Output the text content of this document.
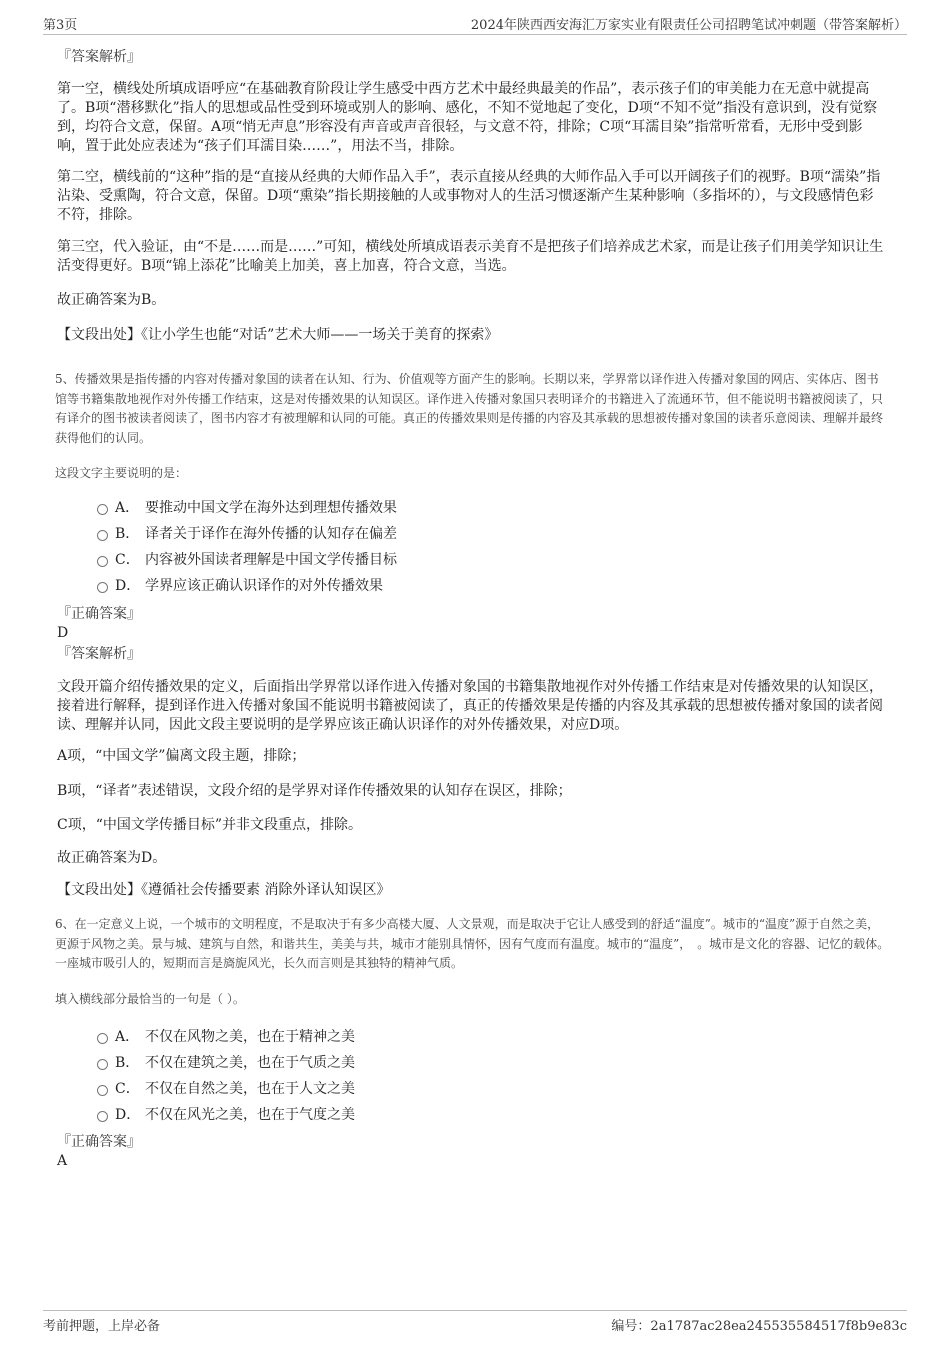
第3页	2024年陕西西安海汇万家实业有限责任公司招聘笔试冲刺题（带答案解析）
『答案解析』
第一空，横线处所填成语呼应“在基础教育阶段让学生感受中西方艺术中最经典最美的作品”，表示孩子们的审美能力在无意中就提高了。B项“潜移默化”指人的思想或品性受到环境或别人的影响、感化，不知不觉地起了变化，D项“不知不觉”指没有意识到，没有觉察到，均符合文意，保留。A项“悄无声息”形容没有声音或声音很轻，与文意不符，排除；C项“耳濡目染”指常听常看，无形中受到影响，置于此处应表述为“孩子们耳濡目染……”，用法不当，排除。
第二空，横线前的“这种”指的是“直接从经典的大师作品入手”，表示直接从经典的大师作品入手可以开阔孩子们的视野。B项“濡染”指沾染、受熏陶，符合文意，保留。D项“熏染”指长期接触的人或事物对人的生活习惯逐渐产生某种影响（多指坏的），与文段感情色彩不符，排除。
第三空，代入验证，由“不是……而是……”可知，横线处所填成语表示美育不是把孩子们培养成艺术家，而是让孩子们用美学知识让生活变得更好。B项“锦上添花”比喻美上加美，喜上加喜，符合文意，当选。
故正确答案为B。
【文段出处】《让小学生也能“对话”艺术大师——一场关于美育的探索》
5、传播效果是指传播的内容对传播对象国的读者在认知、行为、价值观等方面产生的影响。长期以来，学界常以译作进入传播对象国的网店、实体店、图书馆等书籍集散地视作对外传播工作结束，这是对传播效果的认知误区。译作进入传播对象国只表明译介的书籍进入了流通环节，但不能说明书籍被阅读了，只有译介的图书被读者阅读了，图书内容才有被理解和认同的可能。真正的传播效果则是传播的内容及其承载的思想被传播对象国的读者乐意阅读、理解并最终获得他们的认同。
这段文字主要说明的是：
A． 要推动中国文学在海外达到理想传播效果
B． 译者关于译作在海外传播的认知存在偏差
C． 内容被外国读者理解是中国文学传播目标
D． 学界应该正确认识译作的对外传播效果
『正确答案』
D
『答案解析』
文段开篇介绍传播效果的定义，后面指出学界常以译作进入传播对象国的书籍集散地视作对外传播工作结束是对传播效果的认知误区，接着进行解释，提到译作进入传播对象国不能说明书籍被阅读了，真正的传播效果是传播的内容及其承载的思想被传播对象国的读者阅读、理解并认同，因此文段主要说明的是学界应该正确认识译作的对外传播效果，对应D项。
A项，“中国文学”偏离文段主题，排除；
B项，“译者”表述错误，文段介绍的是学界对译作传播效果的认知存在误区，排除；
C项，“中国文学传播目标”并非文段重点，排除。
故正确答案为D。
【文段出处】《遵循社会传播要素 消除外译认知误区》
6、在一定意义上说，一个城市的文明程度，不是取决于有多少高楼大厦、人文景观，而是取决于它让人感受到的舒适“温度”。城市的“温度”源于自然之美，更源于风物之美。景与城、建筑与自然，和谐共生，美美与共，城市才能别具情怀，因有气度而有温度。城市的“温度”，　。城市是文化的容器、记忆的载体。一座城市吸引人的，短期而言是旖旎风光，长久而言则是其独特的精神气质。
填入横线部分最恰当的一句是（ ）。
A． 不仅在风物之美，也在于精神之美
B． 不仅在建筑之美，也在于气质之美
C． 不仅在自然之美，也在于人文之美
D． 不仅在风光之美，也在于气度之美
『正确答案』
A
考前押题，上岸必备	编号：2a1787ac28ea245535584517f8b9e83c
